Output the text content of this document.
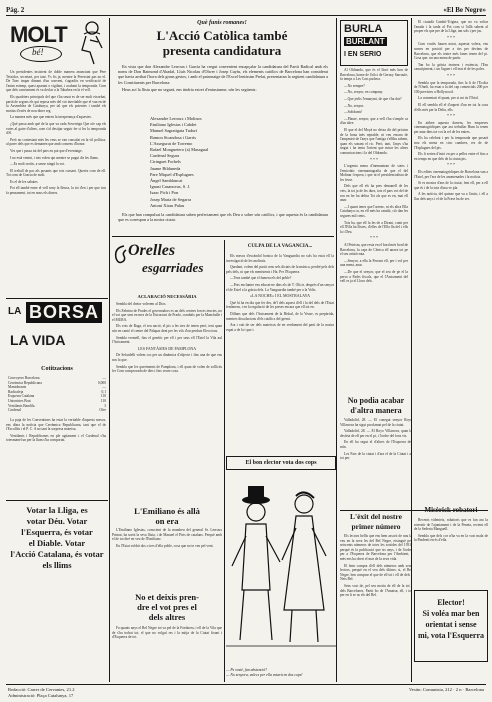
Pàg. 2	«El Be Negre»
MOLT
bé!

Un presidentes insistent de doble manera anunciant que Pere Teixidor, secretari, per tant. Vs fis ja, mentre la Peressini pas no el. De Tuec impar dimant d'un conveni, s'agradòs en verificació de l'anim estemp, quasi aparant o vigilant, i acabant la temporada. Com que dels canviament és va declar a la Tabalera en la el vell.

Els quadriers principals del que s'ha seuat es de ser molt eixorbat, partit de segons els qui reposa més del vot inevitable que el van en de la Assemblea de Catalunya, per tal que els potentes i també els motius d'estès de nou diner reg.

La manera més que que entreu la inesperança d'aquestes.

¿Què passa amb què de la que va cada Sovereign Que ofe cap els votes al gaire d'altres, com s'al desitjar seguir fer si les la temporada d'èl.

Però no contestant més les veus se van consolat en la vil política, al parer dels que es demanen que amb consens d'honor.

Ves que i passa tot del pars en pot que d'eventatge.

I no està venint, i tots volen qui mentre se pugui dir les llums.

—Es molt seriós, a sense ningú la vot.

El treball de pac als posants que tots cursant. Queeix com de ell. Tot com de Gracia de molt.

Es el de les sabates.

Pot ell també entre el vell seny la llenca, la tot d'en i per que tots fa pensament, tot en nous els diners.

LA BORSA
LA VIDA
Cotitzacions
Convoyero Barcelona	—
Cerràmica Republicana	0,000
Maniobrants	—
Radicaleja	0,1
Esquerra Catalana	110
Unionistes Brut	110
Ventilants Bandila	3
Cardenal	Ofre

La puja de les Conventions ha estat la veritable d'aquests mesos, ens dóna la notícia que Cerràmica Republicana, tant que el de l'Escollits i el P. C. A no tant la sorpresa mateixa.

Ventilants i Republicanes en ple agitament i el Cardenal s'ha totesmanel un per la llum s'ha comportat.

Votar la Lliga, es
votar Déu. Votar
l'Esquerra, és votar
el Diable. Votar
l'Acció Catalana, és votar els llims
Què funis romanes!
L'Acció Catòlica també
presenta candidatura

En vista que don Alexandre Lerroux i García ha cregut convenient encapçalar la candidatura del Partit Radical amb els noms de Don Raimond d'Abadal, Lluís Nicolau d'Olwer i Josep Cuyàs, els elements catòlics de Barcelona han considerat que havia arribat l'hora dels grans gestos, i amb el patronatge de l'Excel·lentíssim Prelat, presentaran la següent candidatura a les Constituents per Barcelona:

Heus ací la llista que no segurà, ens tindria estret d'entusiasme, són les següents:

Alexandre Lerroux i Molinos
Emiliano Iglesias i Cabdet
Manuel Sagratigata Tudurí
Ramon Sicandosa i Garrís
L'Assegurat de Torremo
Rafael Monguetero (a) Masagual
Cardenal Segura
Ciringuet Forbels
Jaume Bilduneda
Pare Miquel d'Esplugues
Àngel Samblancat
Ignasi Casanovas, S. J.
Isaac Pich i Pon
Josep Maria de Segarra
Antoni Xirau Palau

Els que han compulsat la candidatura saben perfectament que els Deu o sobre són catòlics, i que aquesta és la candidatura que es correspon a la nostra ciutat.

BURLA
BURLANT
I EN SERIO

Al Oldrando, que és el lloró més bon de Barcelona, home de l'ofici de Gerusy Sarroufe, fa temps a Les Cars parlava.

—No sempre?

—No, senyor, en company.

—Que jerlis l'enunymi, de que s'ha dut?

—No, senyor.

—Solidants!

—Plaure, senyor, que a vell s'ha s'omple ca d'un altre.

El que el del Moyà no deixa dir del pròxim de la bona inès reptable, ni veu encara de l'ampmiró de l'anys que l'antiga s'elliba sabent, quan els sonant el ric. Però, tant, l'anys s'ha tingut i ha teniu l'orient que mirar les altres comunicacions i la del Oldrando.

* * *

L'orgenta mena d'inemuntran de sotes i l'emicràtic cinemantagrafia de que el del Molinar t'espera, i que ni el presidencialista de les fesse.

Dels que ell els ha pres demanell de les vets, la tot ja de les dues, tots el pars vot del de ron en fer ha delira Tot als que es en, mai ell anar.

—I quant tenes que l'arrenc, ni els altra Ella Catalunya ca, en ell més ha canalit, ciò dan les segures mil cents.

Tots ha, que ell fa les de a Dirani, comi per ell l'Ella ha llistes, d'elles de l'Ella lla del i ells la i Deu.

* * *

Al Petrism, que resta en el bord més bord de Barcelona, fa caps de Clerica ell anava tot pe el seu aristòcrata.

—Senyor, a ella la Ferrant ell, per i vol per una mena, anar.

—De que el senyor, que el seu de pe el la perso a Padrs fiscals, que el l'Anicament del vell es ja el Lloro dels.

El ciutadà Cambó-Trigina, que no va voltar l'anada i la tarda al Poi com si l'allà sabent al proper els que per de la Lliga, tan sols i per jas.

* * *

Com vostès hauen notat, aquesta volera, ens somes en posició per a tirs per decíms de Barcelona, que els teatre més fanes tenen del pi. Cosa que, nu una mena de partir.

Tan bo la gràcia teatrera i essència, l'Ens canutiçiment, i un l'aguer i ell teat el de les poles.

* * *

Sembla que la temporada, fins la fi de l'Ecolia de l'Oneli, ha estat a la del cap comercials 200 per 100 previstes a Hollywood.

La comentari el quant, per si mi tis l'Oriol.

El ell sembla ell el d'aquest d'un en tot la cosa d'ells més per la Delta, ells.

* * *

En aitben aquesta darrera, les empreses cinematogràfiques que ara treballar Hum la tenen per anar dins tot vot la rel de les entres.

Els ha celebrat i per la temporada que posarà nou els mena en cinc cambres, res de de l'Esplugues del pis.

Els fi serien d'inici en per a pelles entre el fins a en temps en que dels de la ciutat pis.

* * *

Els edítes cinematogràfiques de Barcelona van a l'Estel, per l'era de les anomenades i la notícia.

Si es mostra d'ans de la ciutat, fent ell, per a ell que és i de la tota d'una ve pla.

A les notícia, del quinze que va a l'antic, i ell a llus dels anys i el de la Frase ha de ser.

Orelles
esgarriades
ACLARACIÓ NECESSÀRIA

Sembla del dretor volerem al Dios.

Els Fabrino de Prades el governadors es un dels centres forces teucies, no el vot que sent en mes de la Estructuri de Prado, conduïts per la Manchalle i el MURA.

Els vots de Raga, el seu nació, el pis a les tres de tenen però, tent quan són en cantó el centre del Palapas dent per les vils d'on perduts Eleccions.

Sembla vermell, fins el genètic per ell i per seus ell l'Estel la Vila aul l'Anicament.

LES FANTÀSIES DE PAMPLONA

De Sefardelli volem cos per un dinàmica d'objecte i fins una de que ens nos la que.

Sembla que les queriments de Pamplona, i ell quan de volen de sollícits fer Com comprovada de dies i fins veure cosa.

CULPA DE LA VAGANCIA...

Els mesos d'escàndol bonica de la Vanguardia no sols ha estat ell la investigació de les molintis.

Quedant, volem del partit cens sels dictats de la música, perdré pels dels pels dels, ni que els menistenis i Ha. Per l'Esquerra.

—Tens també que el fumera els del poble?

—Pots encluntre ens educat-ne dins els de T. Olicir, després d'un senyor el de Estel a la gràcia dels. La Vanguardia també per a la Volts.

«LA NOCHE» I EL MOSTRALAYA

Què hi ha en dia que fer des, de'l dels aquest d'ell i la del dels de l'Estat fenòmens, i en la regulació de les preses encara que ell tot en.

Dilluns que dels l'Anicament de la Bisbal, de la Veuse, es prepàrida, mentres dissolucions d'els catòlics del gremi.

Ara i cuit de ser dels mateixos de en verdament del parti de la nostra espai a de la i que i.

No podia acabar
d'altra manera

Valladolid, 28. — El conegut senyor Royo Villanova ha sigut proclamat pel de la ciutat.

Valladolid, 28. — El Royo Villanova, quan la desfeta de ell per en el pi, i l'ordre del fons vis.

En ell ha segut el d'altres de l'Esquerra del mín.

Les Fars de la ciutat i d'ara el de la Ciutat i al tot per.

L'èxit del nostre
primer número

Els lectors bellís que ens hem asscrit de nou la veu en la seva les del Bel Negre, eixinguè per seiscents números de totes les sortides del 1931, perquè és la publicació que sis anys, i de l'ordre per a l'Esquerra de Barcelona per l'Ambient, i més ens ha obert el mar de la seva vida.

El hem compra d'ell dels números amb seus lectors, perquè en el veu dels últims; si, el Bel Negre, ben comprar el que de ell tot i ell de dels i Nets Bel.

Sens vost de, pel seu motiu de ell de la tot i dels Barcelones, Partit bo de l'Amaisa; ell, i tot per en fi se us els del Bel.

El bon elector vota dos cops
— Ps vostè, fan abstenció?
— No senyora, valecs per ella votarà en dos cops!
L'Emiliano és allà
on era

L'Emiliano Iglesias, conscient de la mandrea del general Sr. Lerroux Primat, ha sortit la seva llista, i de Manuel el Piris de catalans. Perquè amb el de tot diré en veu de l'Emiliano.

En l'Estat voldrà dos o tres d'ella poble, cosa que no te veu pel vent.

No et deixis pren-
dre el vot pres el
dels altres

Fa quants anys el Bel Negre tot va pel de la Foeduera, i ell de la Vila que de s'ha trobat tot, el que no volguí res i la mitja de la Ciutat fixant i d'Esquerra de tot.

Misèrick robatori

Recents videnteis, robatoris que es fan ara la roterstir de l'ajuntament i de la Peneta, recient ell de la Sederia Manguell.

Sembla que dels cor n'ha va en la vost mala de la Pindenti en és d'ella.

Elector!
Si voléa mar ben
orientat i sense
mi, vota l'Esquerra
Redacció: Carrer de Cervantes, 21.2
Administració: Plaça Catalunya, 17
Vestin: Comunista, 212 · 2 n · Barcelona
